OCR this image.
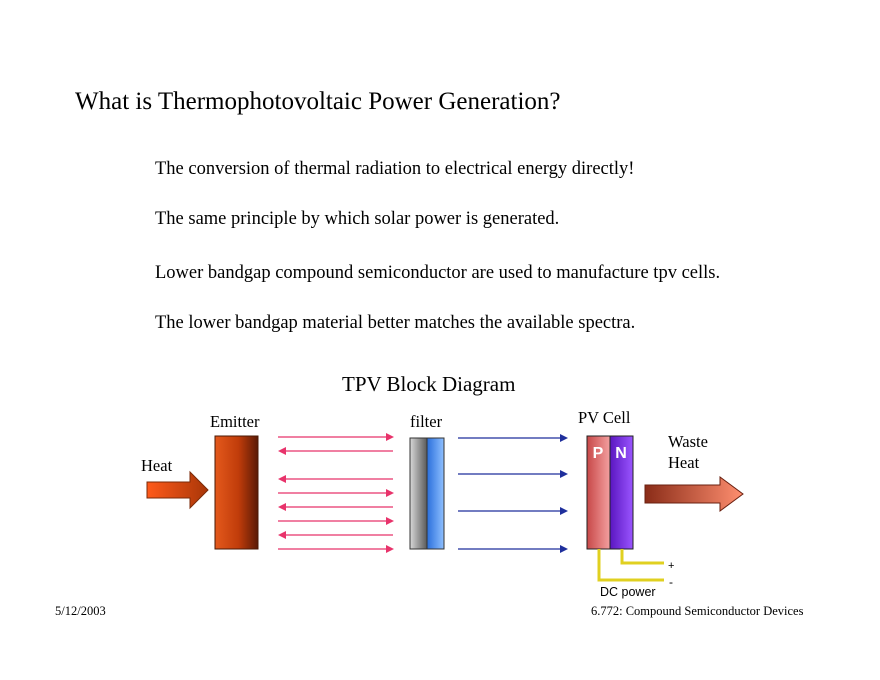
What is Thermophotovoltaic Power Generation?
The conversion of thermal radiation to electrical energy directly!
The same principle by which solar power is generated.
Lower bandgap compound semiconductor are used to manufacture tpv cells.
The lower bandgap material better matches the available spectra.
TPV Block Diagram
P N
Emitter	filter	PV Cell
Heat
Waste
Heat
+
-
DC power
5/12/2003	6.772: Compound Semiconductor Devices
